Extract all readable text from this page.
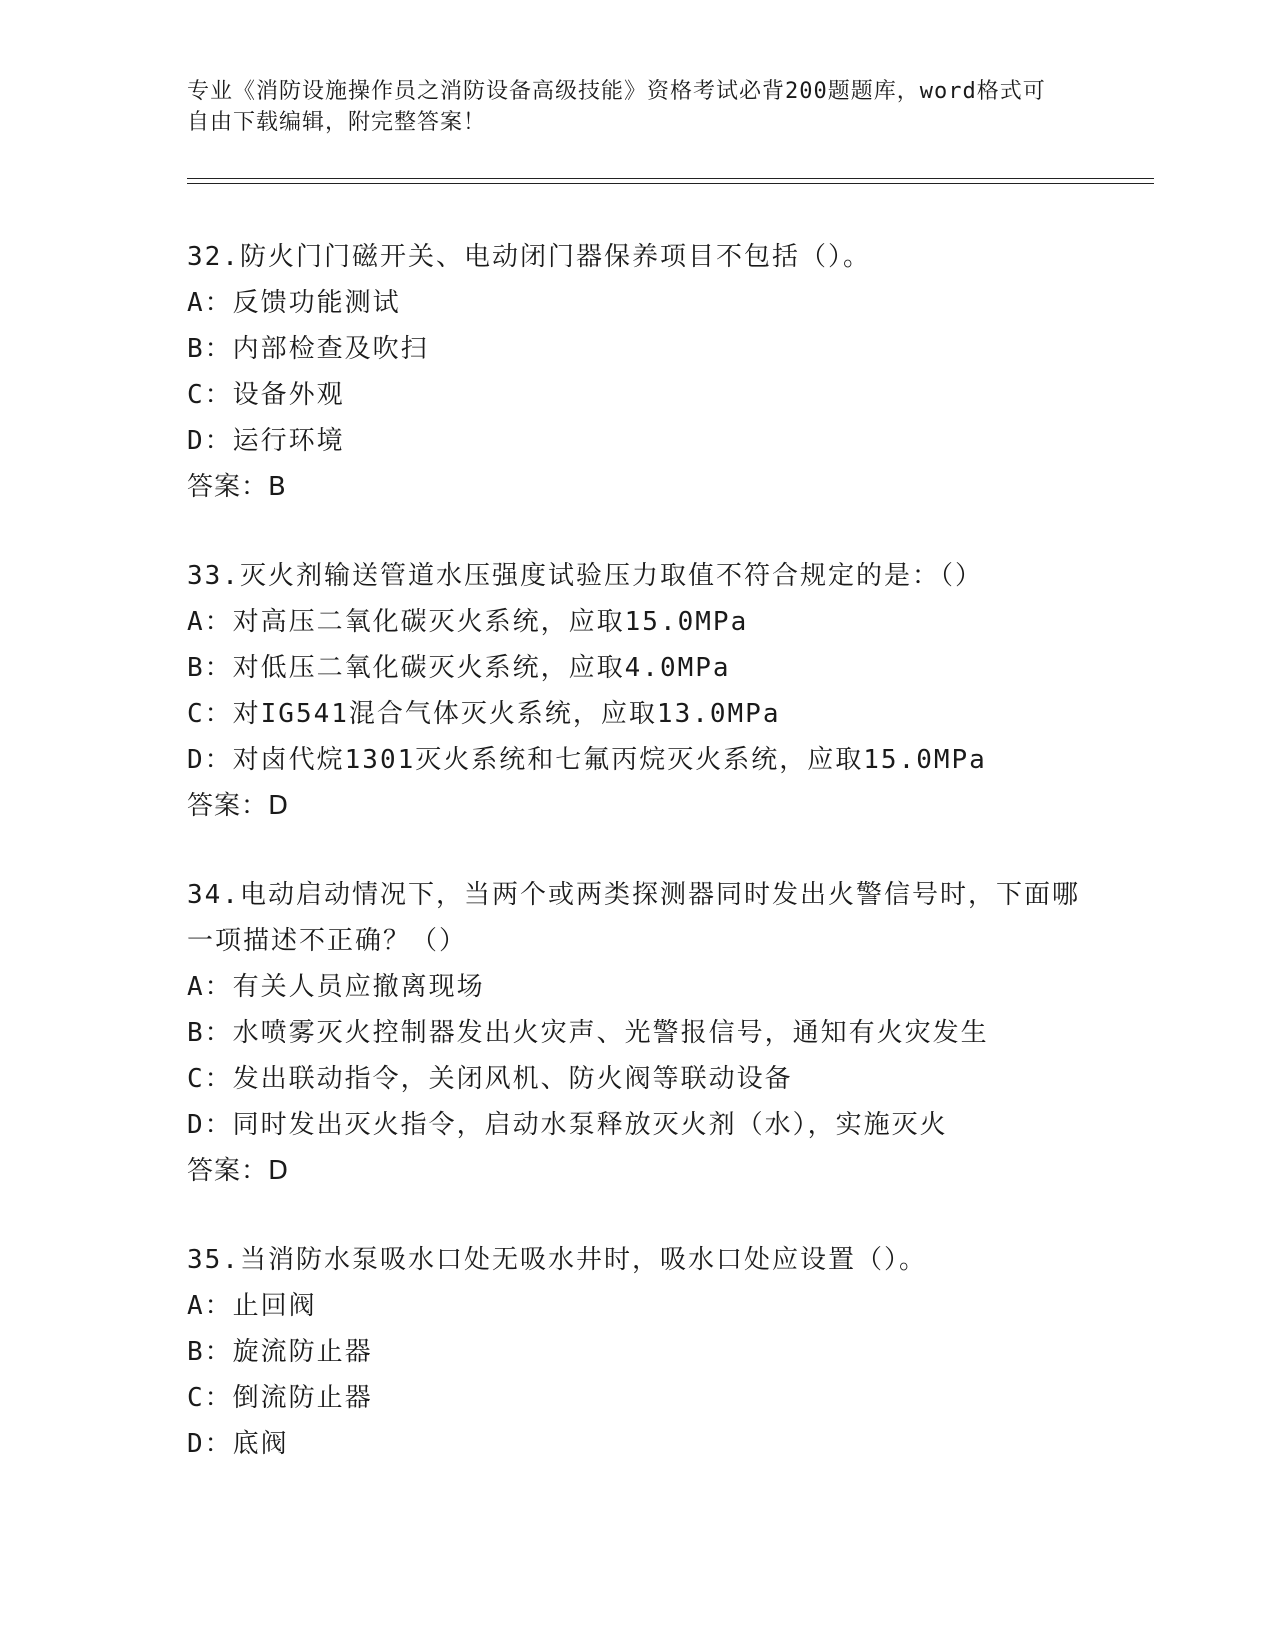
专业《消防设施操作员之消防设备高级技能》资格考试必背200题题库，word格式可自由下载编辑，附完整答案！
32.防火门门磁开关、电动闭门器保养项目不包括（）。
A：反馈功能测试
B：内部检查及吹扫
C：设备外观
D：运行环境
答案：B
33.灭火剂输送管道水压强度试验压力取值不符合规定的是：（）
A：对高压二氧化碳灭火系统，应取15.0MPa
B：对低压二氧化碳灭火系统，应取4.0MPa
C：对IG541混合气体灭火系统，应取13.0MPa
D：对卤代烷1301灭火系统和七氟丙烷灭火系统，应取15.0MPa
答案：D
34.电动启动情况下，当两个或两类探测器同时发出火警信号时，下面哪一项描述不正确？（）
A：有关人员应撤离现场
B：水喷雾灭火控制器发出火灾声、光警报信号，通知有火灾发生
C：发出联动指令，关闭风机、防火阀等联动设备
D：同时发出灭火指令，启动水泵释放灭火剂（水），实施灭火
答案：D
35.当消防水泵吸水口处无吸水井时，吸水口处应设置（）。
A：止回阀
B：旋流防止器
C：倒流防止器
D：底阀
